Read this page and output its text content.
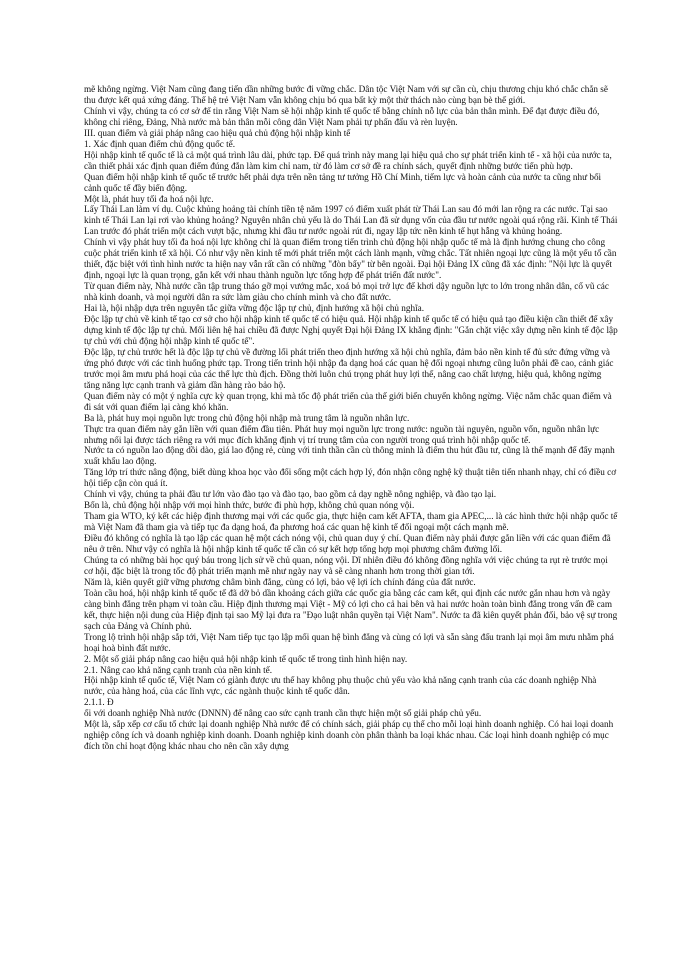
mẽ không ngừng. Việt Nam cũng đang tiến dần những bước đi vững chắc. Dân tộc Việt Nam với sự cần cù, chịu thương chịu khó chắc chắn sẽ thu được kết quả xứng đáng. Thế hệ trẻ Việt Nam vẫn không chịu bó qua bất kỳ một thử thách nào cùng bạn bè thế giới.

Chính vì vậy, chúng ta có cơ sở để tin rằng Việt Nam sẽ hội nhập kinh tế quốc tế bằng chính nỗ lực của bản thân mình. Để đạt được điều đó, không chỉ riêng, Đảng, Nhà nước mà bản thân mỗi công dân Việt Nam phải tự phấn đấu và rèn luyện.

III. quan điểm và giải pháp nâng cao hiệu quả chủ động hội nhập kinh tế

1. Xác định quan điểm chủ động quốc tế.

Hội nhập kinh tế quốc tế là cả một quá trình lâu dài, phức tạp. Để quá trình này mang lại hiệu quả cho sự phát triển kinh tế - xã hội của nước ta, cần thiết phải xác định quan điểm đúng đắn làm kim chỉ nam, từ đó làm cơ sở đề ra chính sách, quyết định những bước tiến phù hợp.

Quan điểm hội nhập kinh tế quốc tế trước hết phải dựa trên nền tảng tư tưởng Hồ Chí Minh, tiếm lực và hoàn cảnh của nước ta cũng như bối cảnh quốc tế đầy biến động.

Một là, phát huy tối đa hoá nội lực.

Lấy Thái Lan làm ví dụ. Cuộc khủng hoảng tài chính tiền tệ năm 1997 có điểm xuất phát từ Thái Lan sau đó mới lan rộng ra các nước. Tại sao kinh tế Thái Lan lại rơi vào khủng hoảng? Nguyên nhân chủ yếu là do Thái Lan đã sử dụng vốn của đầu tư nước ngoài quá rộng rãi. Kinh tế Thái Lan trước đó phát triển một cách vượt bậc, nhưng khi đầu tư nước ngoài rút đi, ngay lập tức nền kinh tế hụt hẫng và khủng hoảng.

Chính vì vậy phát huy tối đa hoá nội lực không chỉ là quan điểm trong tiến trình chủ động hội nhập quốc tế mà là định hướng chung cho công cuộc phát triển kinh tế xã hội. Có như vậy nền kinh tế mới phát triển một cách lành mạnh, vững chắc. Tất nhiên ngoại lực cũng là một yếu tố cần thiết, đặc biệt với tình hình nước ta hiện nay vẫn rất cần có những "đòn bẩy" từ bên ngoài. Đại hội Đảng IX cũng đã xác định: "Nội lực là quyết định, ngoại lực là quan trọng, gắn kết với nhau thành nguồn lực tổng hợp để phát triển đất nước".

Từ quan điểm này, Nhà nước cần tập trung tháo gỡ mọi vướng mắc, xoá bỏ mọi trở lực để khơi dậy nguồn lực to lớn trong nhân dân, cổ vũ các nhà kinh doanh, và mọi người dân ra sức làm giàu cho chính mình và cho đất nước.

Hai là, hội nhập dựa trên nguyên tắc giữa vững độc lập tự chủ, định hướng xã hội chủ nghĩa.

Độc lập tự chủ về kinh tế tạo cơ sở cho hội nhập kinh tế quốc tế có hiệu quả. Hội nhập kinh tế quốc tế có hiệu quả tạo điều kiện cần thiết để xây dựng kinh tế độc lập tự chủ. Mối liên hệ hai chiều đã được Nghị quyết Đại hội Đảng IX khẳng định: "Gắn chặt việc xây dựng nền kinh tế độc lập tự chủ với chủ động hội nhập kinh tế quốc tế".

Độc lập, tự chủ trước hết là độc lập tự chủ về đường lối phát triển theo định hướng xã hội chủ nghĩa, đảm bảo nền kinh tế đủ sức đứng vững và ứng phó được với các tình huống phức tạp. Trong tiến trình hội nhập đa dạng hoá các quan hệ đối ngoại nhưng cũng luôn phải đề cao, cảnh giác trước mọi âm mưu phá hoại của các thế lực thù địch. Đồng thời luôn chú trọng phát huy lợi thế, nâng cao chất lượng, hiệu quả, không ngừng tăng năng lực cạnh tranh và giảm dần hàng rào bảo hộ.

Quan điểm này có một ý nghĩa cực kỳ quan trọng, khi mà tốc độ phát triển của thế giới biến chuyển không ngừng. Việc nắm chắc quan điểm và đi sát với quan điểm lại càng khó khăn.

Ba là, phát huy mọi nguồn lực trong chủ động hội nhập mà trung tâm là nguồn nhân lực.

Thực tra quan điểm này gắn liền với quan điểm đầu tiên. Phát huy mọi nguồn lực trong nước: nguồn tài nguyên, nguồn vốn, nguồn nhân lực nhưng nổi lại được tách riêng ra với mục đích khẳng định vị trí trung tâm của con người trong quá trình hội nhập quốc tế.

Nước ta có nguồn lao động dồi dào, giá lao động rẻ, cùng với tinh thần cần cù thông minh là điểm thu hút đầu tư, cũng là thế mạnh để đẩy mạnh xuất khẩu lao động.

Tăng lớp trí thức nâng động, biết dùng khoa học vào đổi sống một cách hợp lý, đón nhận công nghệ kỹ thuật tiên tiến nhanh nhạy, chỉ có điều cơ hội tiếp cận còn quá ít.

Chính vì vậy, chúng ta phải đầu tư lớn vào đào tạo và đào tạo, bao gồm cả dạy nghề nông nghiệp, và đào tạo lại.

Bốn là, chủ động hội nhập với mọi hình thức, bước đi phù hợp, không chủ quan nóng vội.

Tham gia WTO, ký kết các hiệp định thương mại với các quốc gia, thực hiện cam kết AFTA, tham gia APEC,... là các hình thức hội nhập quốc tế mà Việt Nam đã tham gia và tiếp tục đa dạng hoá, đa phương hoá các quan hệ kinh tế đối ngoại một cách mạnh mẽ.

Điều đó không có nghĩa là tạo lập các quan hệ một cách nóng vội, chủ quan duy ý chí. Quan điểm này phải được gắn liền với các quan điểm đã nêu ở trên. Như vậy có nghĩa là hội nhập kinh tế quốc tế cần có sự kết hợp tổng hợp mọi phương châm đường lối.

Chúng ta có những bài học quý báu trong lịch sử về chủ quan, nóng vội. Dĩ nhiên điều đó không đồng nghĩa với việc chúng ta rụt rè trước mọi cơ hội, đặc biệt là trong tốc độ phát triển mạnh mẽ như ngày nay và sẽ càng nhanh hơn trong thời gian tới.

Năm là, kiên quyết giữ vững phương châm bình đẳng, cùng có lợi, bảo vệ lợi ích chính đáng của đất nước.

Toàn cầu hoá, hội nhập kinh tế quốc tế đã dỡ bỏ dần khoảng cách giữa các quốc gia bằng các cam kết, qui định các nước gắn nhau hơn và ngày càng bình đẳng trên phạm vi toàn cầu. Hiệp định thương mại Việt - Mỹ có lợi cho cả hai bên và hai nước hoàn toàn bình đẳng trong vấn đề cam kết, thực hiện nội dung của Hiệp định tại sao Mỹ lại đưa ra "Đạo luật nhân quyền tại Việt Nam". Nước ta đã kiên quyết phản đối, bảo vệ sự trong sạch của Đảng và Chính phủ.

Trong lộ trình hội nhập sắp tới, Việt Nam tiếp tục tạo lập mối quan hệ bình đẳng và cùng có lợi và sẵn sàng đấu tranh lại mọi âm mưu nhằm phá hoại hoà bình đất nước.

2. Một số giải pháp nâng cao hiệu quả hội nhập kinh tế quốc tế trong tình hình hiện nay.

2.1. Nâng cao khả năng cạnh tranh của nền kinh tế.

Hội nhập kinh tế quốc tế, Việt Nam có giành được ưu thế hay không phụ thuộc chủ yếu vào khả năng cạnh tranh của các doanh nghiệp Nhà nước, của hàng hoá, của các lĩnh vực, các ngành thuộc kinh tế quốc dân.

2.1.1. Đ

ối với doanh nghiệp Nhà nước (DNNN) để nâng cao sức cạnh tranh cần thực hiện một số giải pháp chủ yếu.

Một là, sắp xếp cơ cấu tổ chức lại doanh nghiệp Nhà nước để có chính sách, giải pháp cụ thể cho mỗi loại hình doanh nghiệp. Có hai loại doanh nghiệp công ích và doanh nghiệp kinh doanh. Doanh nghiệp kinh doanh còn phân thành ba loại khác nhau. Các loại hình doanh nghiệp có mục đích tồn chỉ hoạt động khác nhau cho nên cần xây dựng
